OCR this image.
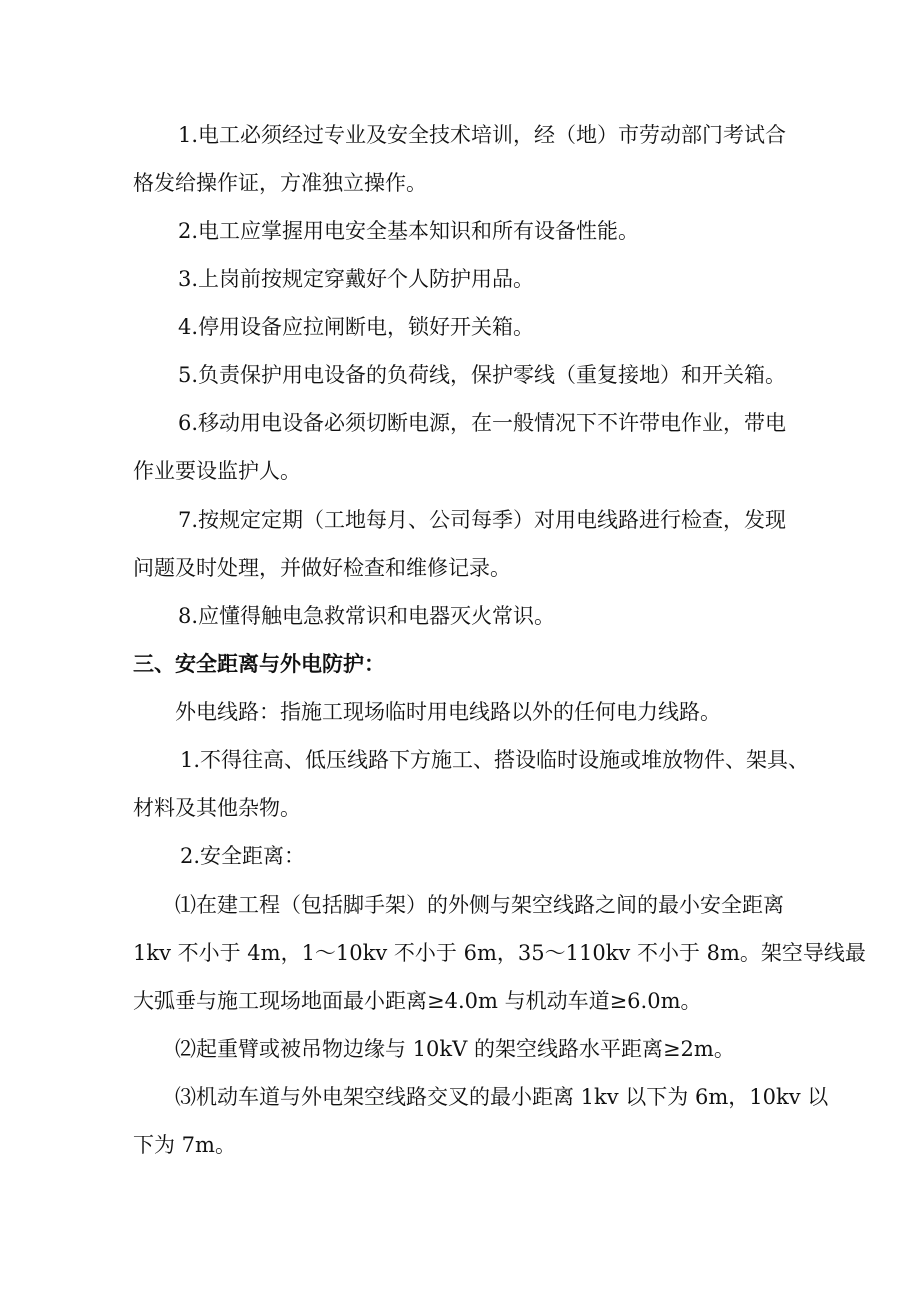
1.电工必须经过专业及安全技术培训，经（地）市劳动部门考试合
格发给操作证，方准独立操作。
2.电工应掌握用电安全基本知识和所有设备性能。
3.上岗前按规定穿戴好个人防护用品。
4.停用设备应拉闸断电，锁好开关箱。
5.负责保护用电设备的负荷线，保护零线（重复接地）和开关箱。
6.移动用电设备必须切断电源，在一般情况下不许带电作业，带电
作业要设监护人。
7.按规定定期（工地每月、公司每季）对用电线路进行检查，发现
问题及时处理，并做好检查和维修记录。
8.应懂得触电急救常识和电器灭火常识。
三、安全距离与外电防护：
外电线路：指施工现场临时用电线路以外的任何电力线路。
1.不得往高、低压线路下方施工、搭设临时设施或堆放物件、架具、
材料及其他杂物。
2.安全距离：
⑴在建工程（包括脚手架）的外侧与架空线路之间的最小安全距离
1kv 不小于 4m，1～10kv 不小于 6m，35～110kv 不小于 8m。架空导线最
大弧垂与施工现场地面最小距离≥4.0m 与机动车道≥6.0m。
⑵起重臂或被吊物边缘与 10kV 的架空线路水平距离≥2m。
⑶机动车道与外电架空线路交叉的最小距离 1kv 以下为 6m，10kv 以
下为 7m。
